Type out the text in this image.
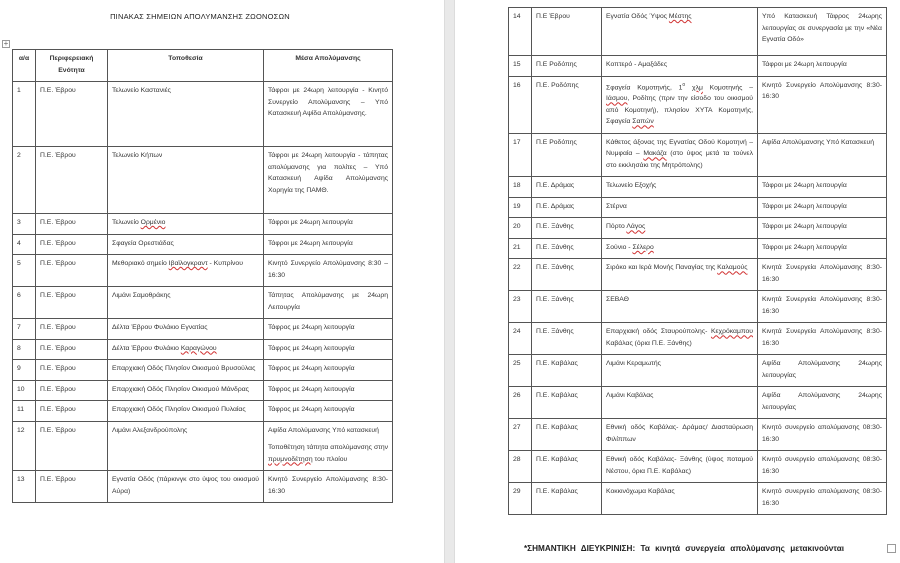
ΠΙΝΑΚΑΣ ΣΗΜΕΙΩΝ ΑΠΟΛΥΜΑΝΣΗΣ ΖΩΟΝΟΣΩΝ
+
α/α	Περιφερειακή Ενότητα	Τοποθεσία	Μέσα Απολύμανσης
1	Π.Ε. Έβρου	Τελωνείο Καστανιές	Τάφροι με 24ωρη λειτουργία - Κινητό Συνεργείο Απολύμανσης – Υπό Κατασκευή Αψίδα Απολύμανσης.
2	Π.Ε. Έβρου	Τελωνείο Κήπων	Τάφροι με 24ωρη λειτουργία - τάπητας απολύμανσης για πολίτες – Υπό Κατασκευή Αψίδα Απολύμανσης Χορηγία της ΠΑΜΘ.
3	Π.Ε. Έβρου	Τελωνείο Ορμένιο	Τάφροι με 24ωρη λειτουργία
4	Π.Ε. Έβρου	Σφαγεία Ορεστιάδας	Τάφροι με 24ωρη λειτουργία
5	Π.Ε. Έβρου	Μεθοριακό σημείο Ιβαϊλογκραντ - Κυπρίνου	Κινητό Συνεργείο Απολύμανσης 8:30 – 16:30
6	Π.Ε. Έβρου	Λιμάνι Σαμοθράκης	Τάπητας Απολύμανσης με 24ωρη Λειτουργία
7	Π.Ε. Έβρου	Δέλτα Έβρου Φυλάκιο Εγνατίας	Τάφρος με 24ωρη λειτουργία
8	Π.Ε. Έβρου	Δέλτα Έβρου Φυλάκιο Καραγώνου	Τάφρος με 24ωρη λειτουργία
9	Π.Ε. Έβρου	Επαρχιακή Οδός Πλησίον Οικισμού Βρυσούλας	Τάφρος με 24ωρη λειτουργία
10	Π.Ε. Έβρου	Επαρχιακή Οδός Πλησίον Οικισμού Μάνδρας	Τάφρος με 24ωρη λειτουργία
11	Π.Ε. Έβρου	Επαρχιακή Οδός Πλησίον Οικισμού Πυλαίας	Τάφρος με 24ωρη λειτουργία
12	Π.Ε. Έβρου	Λιμάνι Αλεξανδρούπολης	Αψίδα Απολύμανσης Υπό κατασκευή
Τοποθέτηση τάπητα απολύμανσης στην πρυμνοδέτηση του πλοίου

13	Π.Ε. Έβρου	Εγνατία Οδός (πάρκινγκ στο ύψος του οικισμού Αύρα)	Κινητό Συνεργείο Απολύμανσης 8:30- 16:30
14	Π.Ε Έβρου	Εγνατία Οδός Ύψος Μέστης	Υπό Κατασκευή Τάφρος 24ωρης λειτουργίας σε συνεργασία με την «Νέα Εγνατία Οδό»
15	Π.Ε Ροδόπης	Κοπτερό - Αμαξάδες	Τάφροι με 24ωρη λειτουργία
16	Π.Ε. Ροδόπης	Σφαγεία Κομοτηνής, $1^o$ χλμ Κομοτηνής – Ιάσμου, Ροδίτης (πριν την είσοδο του οικισμού από Κομοτηνή), πλησίον ΧΥΤΑ Κομοτηνής, Σφαγεία Σαπών	Κινητό Συνεργείο Απολύμανσης 8:30-16:30
17	Π.Ε Ροδόπης	Κάθετος άξονας της Εγνατίας Οδού Κομοτηνή – Νυμφαία – Μακάζα (στο ύψος μετά τα τούνελ στο εκκλησάκι της Μητρόπολης)	Αψίδα Απολύμανσης Υπό Κατασκευή
18	Π.Ε. Δράμας	Τελωνείο Εξοχής	Τάφροι με 24ωρη λειτουργία
19	Π.Ε. Δράμας	Στέρνα	Τάφροι με 24ωρη λειτουργία
20	Π.Ε. Ξάνθης	Πόρτο Λάγος	Τάφροι με 24ωρη λειτουργία
21	Π.Ε. Ξάνθης	Σούνιο - Σέλερο	Τάφροι με 24ωρη λειτουργία
22	Π.Ε. Ξάνθης	Σιρόκο και Ιερά Μονής Παναγίας της Καλαμούς	Κινητά Συνεργεία Απολύμανσης 8:30- 16:30
23	Π.Ε. Ξάνθης	ΣΕΒΑΘ	Κινητά Συνεργεία Απολύμανσης 8:30- 16:30
24	Π.Ε. Ξάνθης	Επαρχιακή οδός Σταυρούπολης- Κεχρόκαμπου Καβάλας (όρια Π.Ε. Ξάνθης)	Κινητά Συνεργεία Απολύμανσης 8:30- 16:30
25	Π.Ε. Καβάλας	Λιμάνι Κεραμωτής	Αψίδα Απολύμανσης 24ωρης λειτουργίας
26	Π.Ε. Καβάλας	Λιμάνι Καβάλας	Αψίδα Απολύμανσης 24ωρης λειτουργίας
27	Π.Ε. Καβάλας	Εθνική οδός Καβάλας- Δράμας/ Διασταύρωση Φιλίππων	Κινητό συνεργείο απολύμανσης 08:30-16:30
28	Π.Ε. Καβάλας	Εθνική οδός Καβάλας- Ξάνθης (ύψος ποταμού Νέστου, όρια Π.Ε. Καβάλας)	Κινητό συνεργείο απολύμανσης 08:30-16:30
29	Π.Ε. Καβάλας	Κοκκινόχωμα Καβάλας	Κινητό συνεργείο απολύμανσης 08:30-16:30
*ΣΗΜΑΝΤΙΚΗ ΔΙΕΥΚΡΙΝΙΣΗ: Τα κινητά συνεργεία απολύμανσης μετακινούνται
